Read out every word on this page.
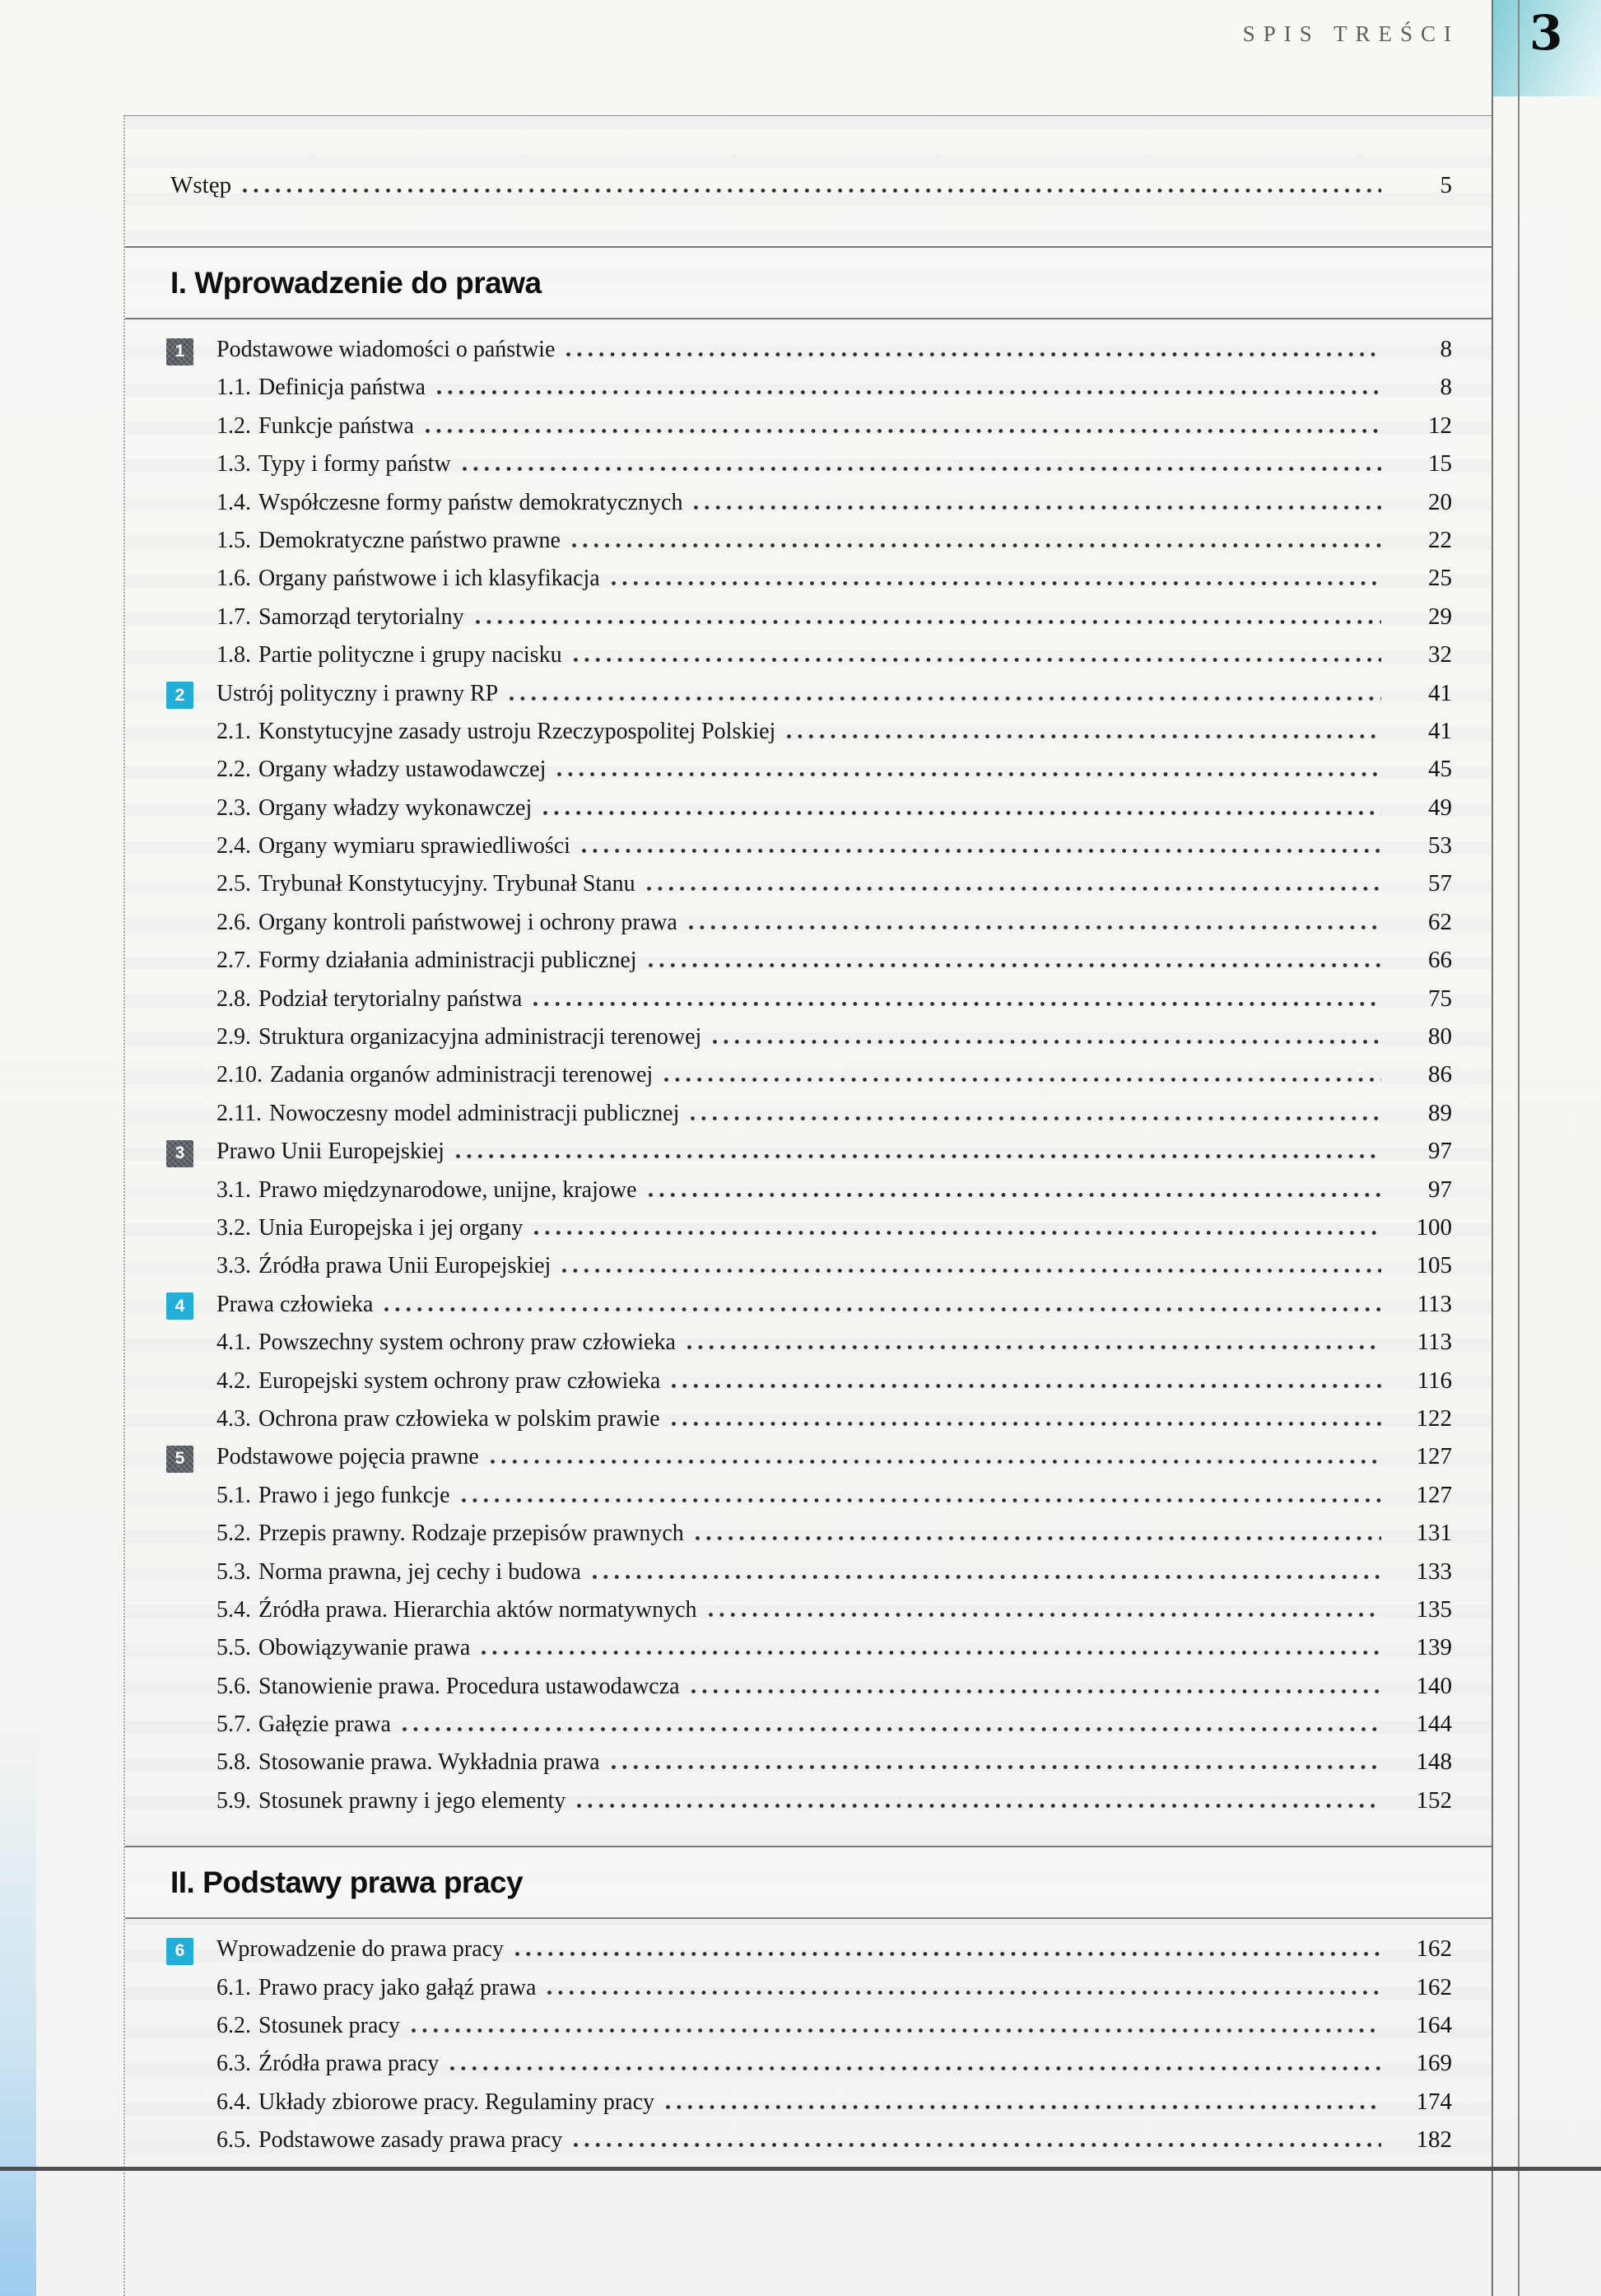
SPIS TREŚCI 3
Wstęp	5
I. Wprowadzenie do prawa
1	Podstawowe wiadomości o państwie	8
1.1. Definicja państwa	8
1.2. Funkcje państwa	12
1.3. Typy i formy państw	15
1.4. Współczesne formy państw demokratycznych	20
1.5. Demokratyczne państwo prawne	22
1.6. Organy państwowe i ich klasyfikacja	25
1.7. Samorząd terytorialny	29
1.8. Partie polityczne i grupy nacisku	32
2	Ustrój polityczny i prawny RP	41
2.1. Konstytucyjne zasady ustroju Rzeczypospolitej Polskiej	41
2.2. Organy władzy ustawodawczej	45
2.3. Organy władzy wykonawczej	49
2.4. Organy wymiaru sprawiedliwości	53
2.5. Trybunał Konstytucyjny. Trybunał Stanu	57
2.6. Organy kontroli państwowej i ochrony prawa	62
2.7. Formy działania administracji publicznej	66
2.8. Podział terytorialny państwa	75
2.9. Struktura organizacyjna administracji terenowej	80
2.10. Zadania organów administracji terenowej	86
2.11. Nowoczesny model administracji publicznej	89
3	Prawo Unii Europejskiej	97
3.1. Prawo międzynarodowe, unijne, krajowe	97
3.2. Unia Europejska i jej organy	100
3.3. Źródła prawa Unii Europejskiej	105
4	Prawa człowieka	113
4.1. Powszechny system ochrony praw człowieka	113
4.2. Europejski system ochrony praw człowieka	116
4.3. Ochrona praw człowieka w polskim prawie	122
5	Podstawowe pojęcia prawne	127
5.1. Prawo i jego funkcje	127
5.2. Przepis prawny. Rodzaje przepisów prawnych	131
5.3. Norma prawna, jej cechy i budowa	133
5.4. Źródła prawa. Hierarchia aktów normatywnych	135
5.5. Obowiązywanie prawa	139
5.6. Stanowienie prawa. Procedura ustawodawcza	140
5.7. Gałęzie prawa	144
5.8. Stosowanie prawa. Wykładnia prawa	148
5.9. Stosunek prawny i jego elementy	152
II. Podstawy prawa pracy
6	Wprowadzenie do prawa pracy	162
6.1. Prawo pracy jako gałąź prawa	162
6.2. Stosunek pracy	164
6.3. Źródła prawa pracy	169
6.4. Układy zbiorowe pracy. Regulaminy pracy	174
6.5. Podstawowe zasady prawa pracy	182
